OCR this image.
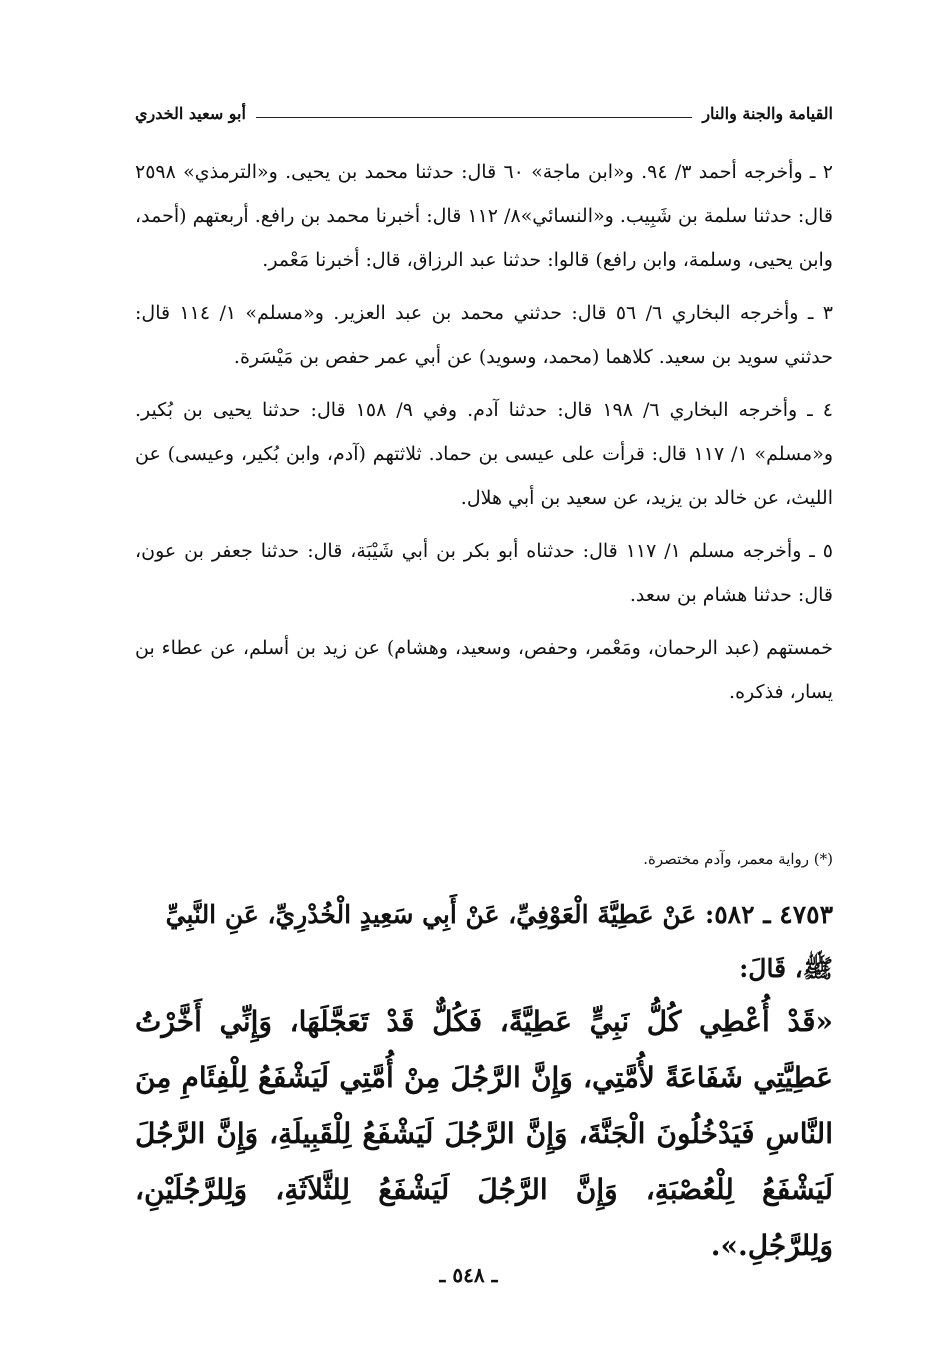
القيامة والجنة والنار
أبو سعيد الخدري

٢ ـ وأخرجه أحمد ٣/ ٩٤. و«ابن ماجة» ٦٠ قال: حدثنا محمد بن يحيى. و«الترمذي» ٢٥٩٨ قال: حدثنا سلمة بن شَبِيب. و«النسائي»٨/ ١١٢ قال: أخبرنا محمد بن رافع. أربعتهم (أحمد، وابن يحيى، وسلمة، وابن رافع) قالوا: حدثنا عبد الرزاق، قال: أخبرنا مَعْمر.

٣ ـ وأخرجه البخاري ٦/ ٥٦ قال: حدثني محمد بن عبد العزير. و«مسلم» ١/ ١١٤ قال: حدثني سويد بن سعيد. كلاهما (محمد، وسويد) عن أبي عمر حفص بن مَيْسَرة.

٤ ـ وأخرجه البخاري ٦/ ١٩٨ قال: حدثنا آدم. وفي ٩/ ١٥٨ قال: حدثنا يحيى بن بُكير. و«مسلم» ١/ ١١٧ قال: قرأت على عيسى بن حماد. ثلاثتهم (آدم، وابن بُكير، وعيسى) عن الليث، عن خالد بن يزيد، عن سعيد بن أبي هلال.

٥ ـ وأخرجه مسلم ١/ ١١٧ قال: حدثناه أبو بكر بن أبي شَيْبَة، قال: حدثنا جعفر بن عون، قال: حدثنا هشام بن سعد.

خمستهم (عبد الرحمان، ومَعْمر، وحفص، وسعيد، وهشام) عن زيد بن أسلم، عن عطاء بن يسار، فذكره.

(*) رواية معمر، وآدم مختصرة.
٤٧٥٣ ـ ٥٨٢: عَنْ عَطِيَّةَ الْعَوْفِيِّ، عَنْ أَبِي سَعِيدٍ الْخُدْرِيِّ، عَنِ النَّبِيِّ ﷺ، قَالَ:
«قَدْ أُعْطِي كُلُّ نَبِيٍّ عَطِيَّةً، فَكُلٌّ قَدْ تَعَجَّلَهَا، وَإِنِّي أَخَّرْتُ عَطِيَّتِي شَفَاعَةً لأُمَّتِي، وَإِنَّ الرَّجُلَ مِنْ أُمَّتِي لَيَشْفَعُ لِلْفِئَامِ مِنَ النَّاسِ فَيَدْخُلُونَ الْجَنَّةَ، وَإِنَّ الرَّجُلَ لَيَشْفَعُ لِلْقَبِيلَةِ، وَإِنَّ الرَّجُلَ لَيَشْفَعُ لِلْعُصْبَةِ، وَإِنَّ الرَّجُلَ لَيَشْفَعُ لِلثَّلاَثَةِ، وَلِلرَّجُلَيْنِ، وَلِلرَّجُلِ.».
ـ ٥٤٨ ـ
